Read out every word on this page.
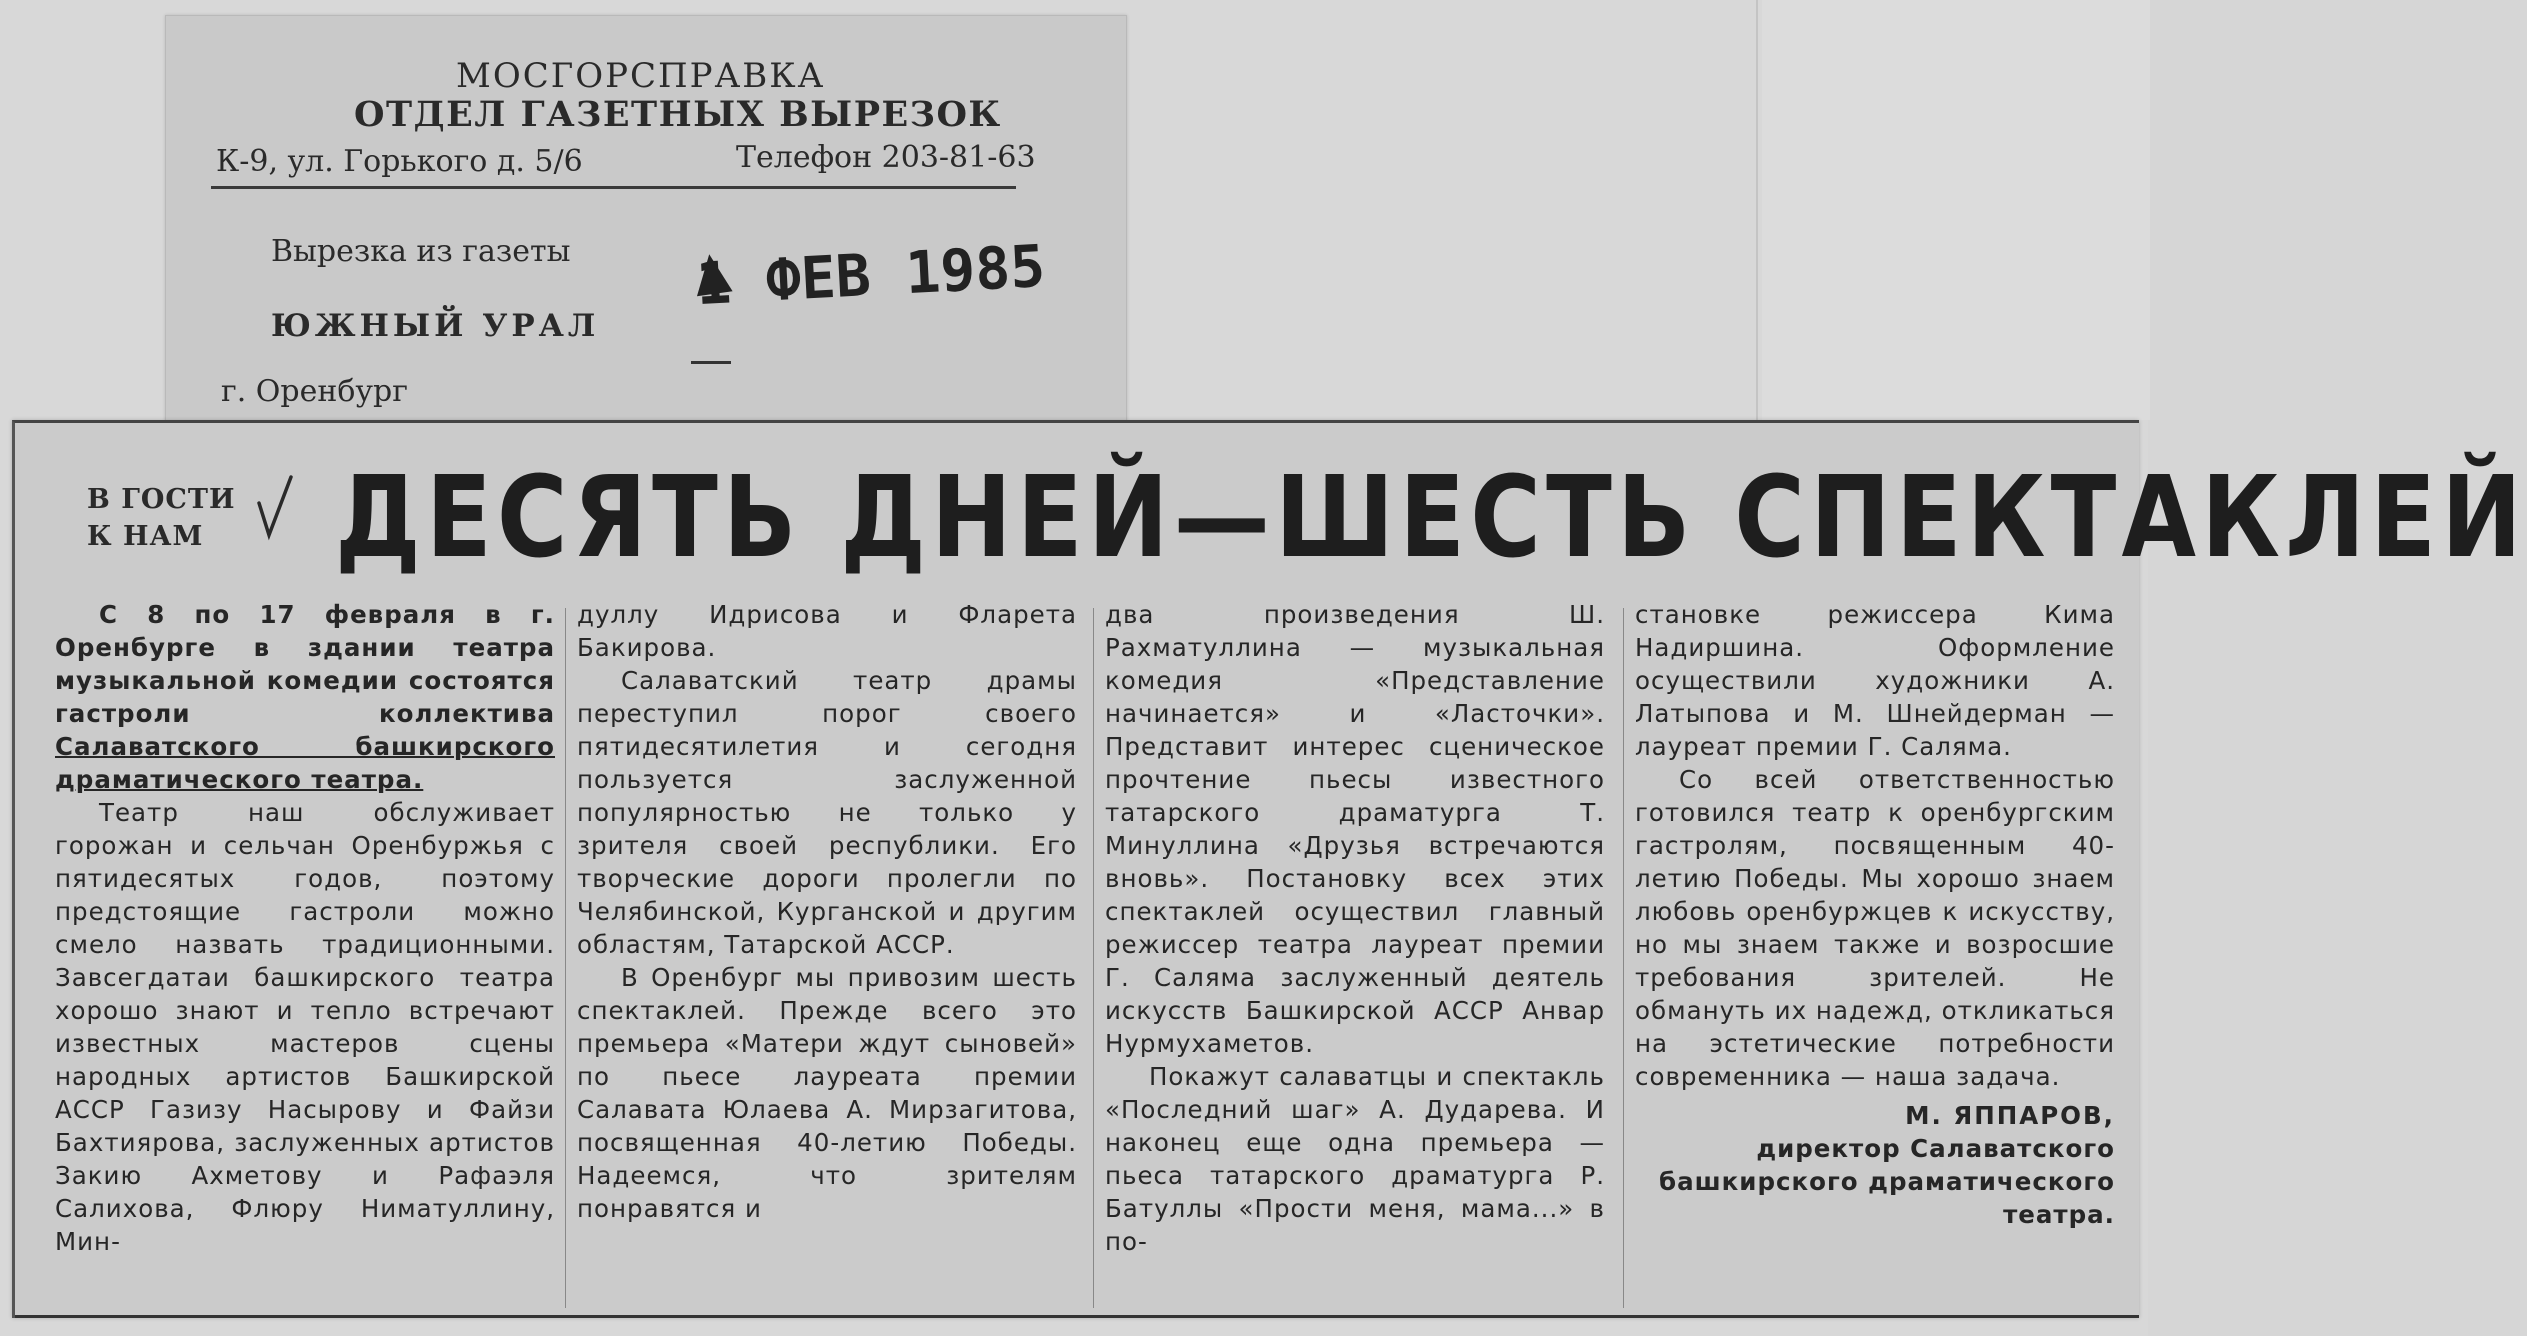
МОСГОРСПРАВКА
ОТДЕЛ ГАЗЕТНЫХ ВЫРЕЗОК
К-9, ул. Горького д. 5/6	Телефон 203-81-63
Вырезка из газеты
ЮЖНЫЙ УРАЛ
г. Оренбург
1 ФЕВ 1985
В ГОСТИ
К НАМ ДЕСЯТЬ ДНЕЙ—ШЕСТЬ СПЕКТАКЛЕЙ

С 8 по 17 февраля в г. Оренбурге в здании театра музыкальной комедии состоятся гастроли коллектива Салаватского башкирского драматического театра.

Театр наш обслуживает горожан и сельчан Оренбуржья с пятидесятых годов, поэтому предстоящие гастроли можно смело назвать традиционными. Завсегдатаи башкирского театра хорошо знают и тепло встречают известных мастеров сцены народных артистов Башкирской АССР Газизу Насырову и Файзи Бахтиярова, заслуженных артистов Закию Ахметову и Рафаэля Салихова, Флюру Ниматуллину, Мин-

дуллу Идрисова и Фларета Бакирова.

Салаватский театр драмы переступил порог своего пятидесятилетия и сегодня пользуется заслуженной популярностью не только у зрителя своей республики. Его творческие дороги пролегли по Челябинской, Курганской и другим областям, Татарской АССР.

В Оренбург мы привозим шесть спектаклей. Прежде всего это премьера «Матери ждут сыновей» по пьесе лауреата премии Салавата Юлаева А. Мирзагитова, посвященная 40-летию Победы. Надеемся, что зрителям понравятся и

два произведения Ш. Рахматуллина — музыкальная комедия «Представление начинается» и «Ласточки». Представит интерес сценическое прочтение пьесы известного татарского драматурга Т. Минуллина «Друзья встречаются вновь». Постановку всех этих спектаклей осуществил главный режиссер театра лауреат премии Г. Саляма заслуженный деятель искусств Башкирской АССР Анвар Нурмухаметов.

Покажут салаватцы и спектакль «Последний шаг» А. Дударева. И наконец еще одна премьера — пьеса татарского драматурга Р. Батуллы «Прости меня, мама...» в по-

становке режиссера Кима Надиршина. Оформление осуществили художники А. Латыпова и М. Шнейдерман — лауреат премии Г. Саляма.

Со всей ответственностью готовился театр к оренбургским гастролям, посвященным 40-летию Победы. Мы хорошо знаем любовь оренбуржцев к искусству, но мы знаем также и возросшие требования зрителей. Не обмануть их надежд, откликаться на эстетические потребности современника — наша задача.

М. ЯППАРОВ,
директор Салаватского
башкирского драматического
театра.
